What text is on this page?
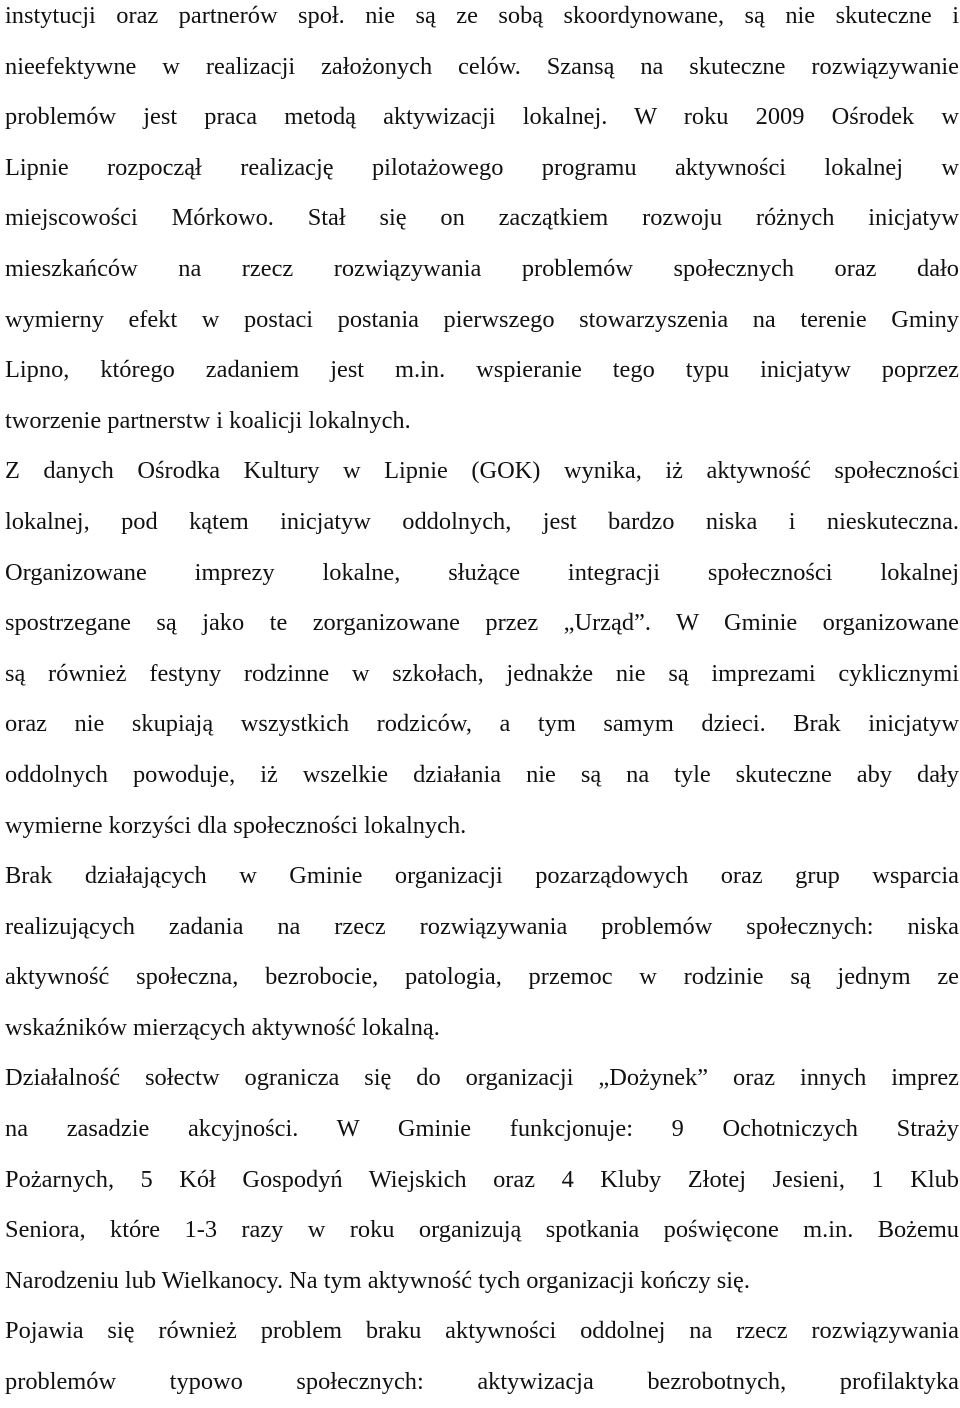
instytucji oraz partnerów społ. nie są ze sobą skoordynowane, są nie skuteczne i
nieefektywne w realizacji założonych celów. Szansą na skuteczne rozwiązywanie
problemów jest praca metodą aktywizacji lokalnej. W roku 2009 Ośrodek w
Lipnie rozpoczął realizację pilotażowego programu aktywności lokalnej w
miejscowości Mórkowo. Stał się on zaczątkiem rozwoju różnych inicjatyw
mieszkańców na rzecz rozwiązywania problemów społecznych oraz dało
wymierny efekt w postaci postania pierwszego stowarzyszenia na terenie Gminy
Lipno, którego zadaniem jest m.in. wspieranie tego typu inicjatyw poprzez
tworzenie partnerstw i koalicji lokalnych.
Z danych Ośrodka Kultury w Lipnie (GOK) wynika, iż aktywność społeczności
lokalnej, pod kątem inicjatyw oddolnych, jest bardzo niska i nieskuteczna.
Organizowane imprezy lokalne, służące integracji społeczności lokalnej
spostrzegane są jako te zorganizowane przez „Urząd”. W Gminie organizowane
są również festyny rodzinne w szkołach, jednakże nie są imprezami cyklicznymi
oraz nie skupiają wszystkich rodziców, a tym samym dzieci. Brak inicjatyw
oddolnych powoduje, iż wszelkie działania nie są na tyle skuteczne aby dały
wymierne korzyści dla społeczności lokalnych.
Brak działających w Gminie organizacji pozarządowych oraz grup wsparcia
realizujących zadania na rzecz rozwiązywania problemów społecznych: niska
aktywność społeczna, bezrobocie, patologia, przemoc w rodzinie są jednym ze
wskaźników mierzących aktywność lokalną.
Działalność sołectw ogranicza się do organizacji „Dożynek” oraz innych imprez
na zasadzie akcyjności. W Gminie funkcjonuje: 9 Ochotniczych Straży
Pożarnych, 5 Kół Gospodyń Wiejskich oraz 4 Kluby Złotej Jesieni, 1 Klub
Seniora, które 1-3 razy w roku organizują spotkania poświęcone m.in. Bożemu
Narodzeniu lub Wielkanocy. Na tym aktywność tych organizacji kończy się.
Pojawia się również problem braku aktywności oddolnej na rzecz rozwiązywania
problemów typowo społecznych: aktywizacja bezrobotnych, profilaktyka
